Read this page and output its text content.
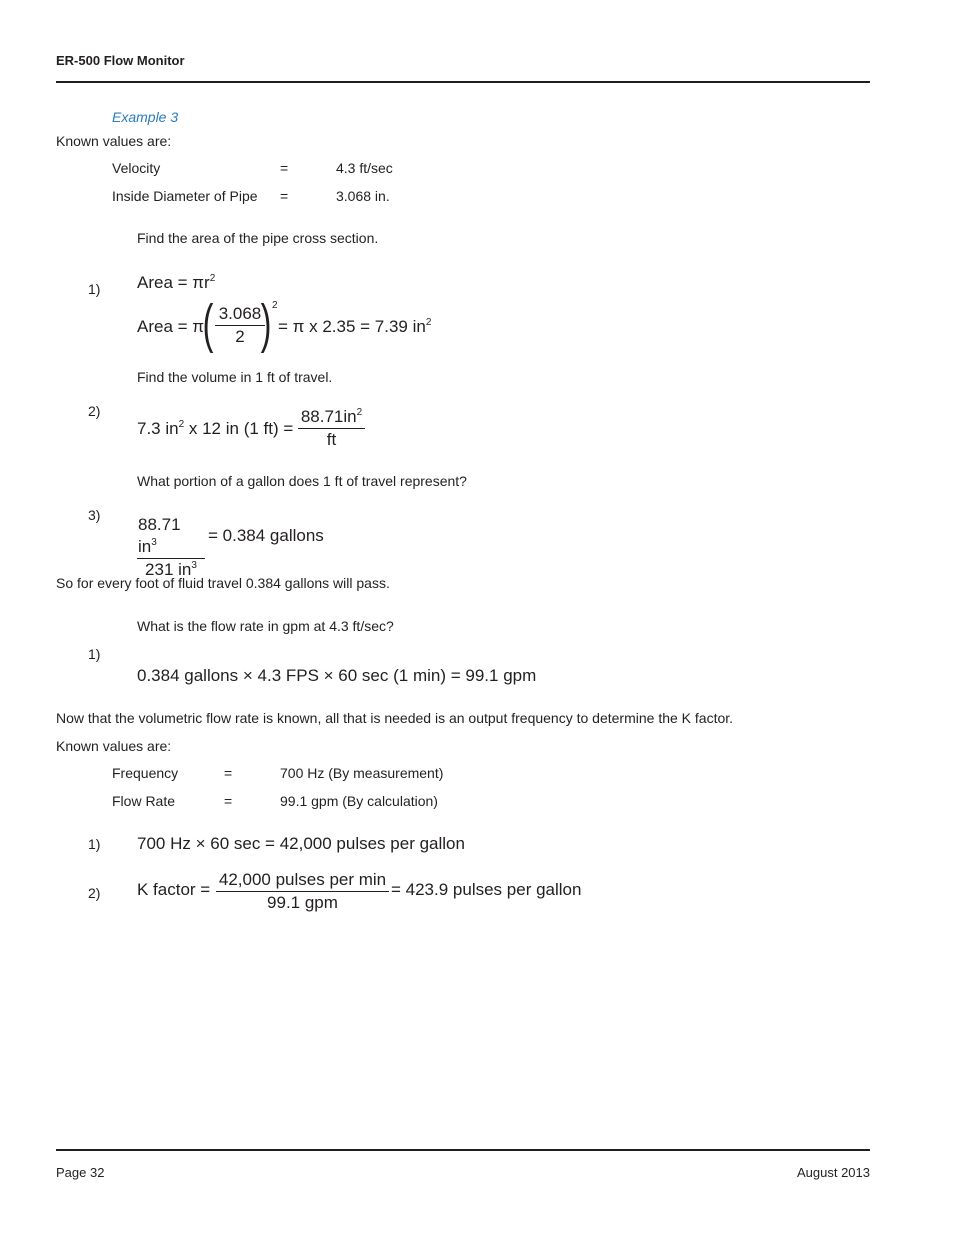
ER-500 Flow Monitor
Example 3
Known values are:
Velocity	=	4.3 ft/sec
Inside Diameter of Pipe =	3.068 in.
Find the area of the pipe cross section.
1) Area = $\pi r^2$
Area = π
( $\frac{3.068}{2}$
) 2
= π x 2.35 = 7.39 $in^2$
Find the volume in 1 ft of travel.
2)
7.3 $in^2$ x 12 in (1 $ft) = \frac{88.71in^2}{ft}$
What portion of a gallon does 1 ft of travel represent?
$3) \frac{88.71 in^3}{231 in^3} = 0.384$ gallons
So for every foot of fluid travel 0.384 gallons will pass.
What is the flow rate in gpm at 4.3 ft/sec?
1)
0.384 gallons × 4.3 FPS × 60 sec (1 min) = 99.1 gpm
Now that the volumetric flow rate is known, all that is needed is an output frequency to determine the K factor.
Known values are:
Frequency	=	700 Hz (By measurement)
Flow Rate	=	99.1 gpm (By calculation)
1) 700 Hz × 60 sec = 42,000 pulses per gallon
2) K factor =
42,000 pulses per min
99.1 gpm
= 423.9 pulses per gallon
Page 32	August 2013
